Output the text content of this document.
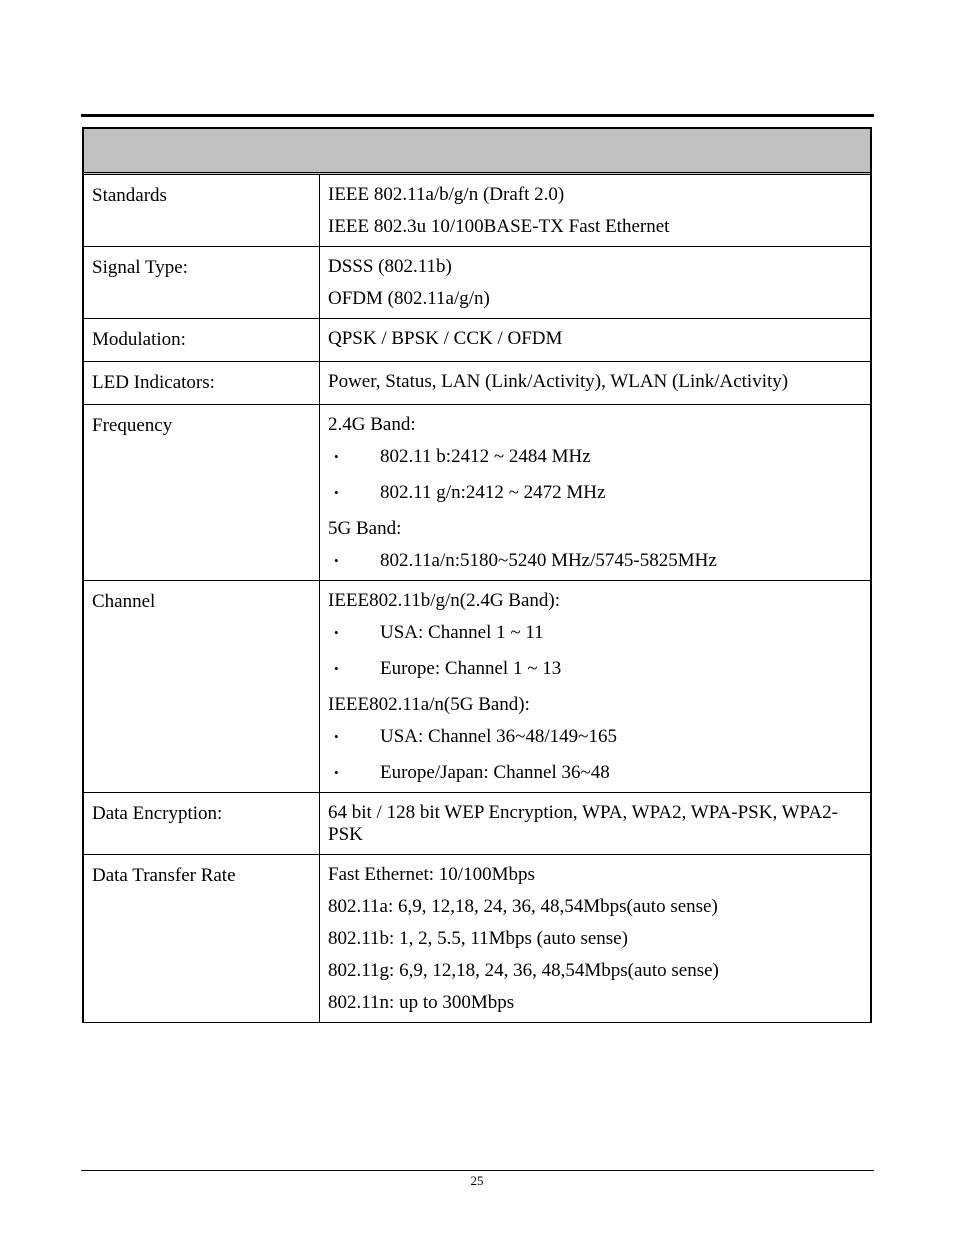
Standards	IEEE 802.11a/b/g/n (Draft 2.0)
IEEE 802.3u 10/100BASE-TX Fast Ethernet
Signal Type:	DSSS (802.11b)
OFDM (802.11a/g/n)
Modulation:	QPSK / BPSK / CCK / OFDM
LED Indicators:	Power, Status, LAN (Link/Activity), WLAN (Link/Activity)
Frequency	2.4G Band:
• 802.11 b:2412 ~ 2484 MHz
• 802.11 g/n:2412 ~ 2472 MHz
5G Band:
• 802.11a/n:5180~5240 MHz/5745-5825MHz
Channel	IEEE802.11b/g/n(2.4G Band):
• USA: Channel 1 ~ 11
• Europe: Channel 1 ~ 13
IEEE802.11a/n(5G Band):
• USA: Channel 36~48/149~165
• Europe/Japan: Channel 36~48
Data Encryption:	64 bit / 128 bit WEP Encryption, WPA, WPA2, WPA-PSK, WPA2-PSK
Data Transfer Rate	Fast Ethernet: 10/100Mbps
802.11a: 6,9, 12,18, 24, 36, 48,54Mbps(auto sense)
802.11b: 1, 2, 5.5, 11Mbps (auto sense)
802.11g: 6,9, 12,18, 24, 36, 48,54Mbps(auto sense)
802.11n: up to 300Mbps
25
